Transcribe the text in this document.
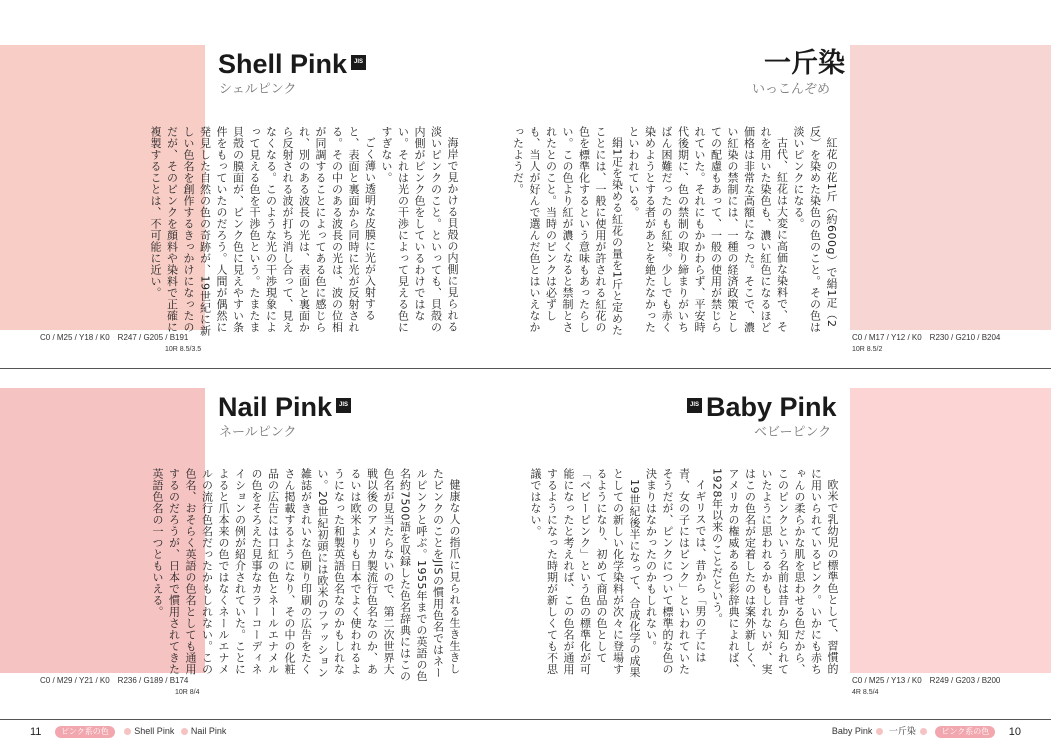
Shell Pink JIS
シェルピンク

海岸で見かける貝殻の内側に見られる淡いピンクのこと。といっても、貝殻の内側がピンク色をしているわけではない。それは光の干渉によって見える色にすぎない。

ごく薄い透明な皮膜に光が入射すると、表面と裏面から同時に光が反射される。その中のある波長の光は、波の位相が同調することによってある色に感じられ、別のある波長の光は、表面と裏面から反射される波が打ち消し合って、見えなくなる。このような光の干渉現象によって見える色を干渉色という。たまたま貝殻の膜面が、ピンク色に見えやすい条件をもっていたのだろう。人間が偶然に発見した自然の色の奇跡が、19世紀に新しい色名を創作するきっかけになったのだが、そのピンクを顔料や染料で正確に複製することは、不可能に近い。

C0 / M25 / Y18 / K0　R247 / G205 / B191
10R 8.5/3.5
一斤染
いっこんぞめ

紅花の花1斤（約600g）で絹1疋（2反）を染めた染色の色のこと。その色は淡いピンクになる。

古代、紅花は大変に高価な染料で、それを用いた染色も、濃い紅色になるほど価格は非常な高額になった。そこで、濃い紅染の禁制には、一種の経済政策としての配慮もあって、一般の使用が禁じられていた。それにもかかわらず、平安時代後期に、色の禁制の取り締まりがいちばん困難だったのも紅染。少しでも赤く染めようとする者があとを絶たなかったといわれている。

絹1疋を染める紅花の量を1斤と定めたことには、一般に使用が許される紅花の色を標準化するという意味もあったらしい。この色より紅が濃くなると禁制とされたとのこと。当時のピンクは必ずしも、当人が好んで選んだ色とはいえなかったようだ。

C0 / M17 / Y12 / K0　R230 / G210 / B204
10R 8.5/2
Nail Pink JIS
ネールピンク

健康な人の指爪に見られる生き生きしたピンクのことをJISの慣用色名ではネールピンクと呼ぶ。1955年までの英語の色名約7500語を収録した色名辞典にはこの色名が見当たらないので、第二次世界大戦以後のアメリカ製流行色名なのか、あるいは欧米よりも日本でよく使われるようになった和製英語色名なのかもしれない。20世紀初頭には欧米のファッション雑誌がきれいな色刷り印刷の広告をたくさん掲載するようになり、その中の化粧品の広告には口紅の色とネールエナメルの色をそろえた見事なカラーコーディネイションの例が紹介されていた。ことによると爪本来の色ではなくネールエナメルの流行色名だったかもしれない。この色名、おそらく英語の色名としても通用するのだろうが、日本で慣用されてきた英語色名の一つともいえる。

C0 / M29 / Y21 / K0　R236 / G189 / B174
10R 8/4
JIS Baby Pink
ベビーピンク

欧米で乳幼児の標準色として、習慣的に用いられているピンク。いかにも赤ちゃんの柔らかな肌を思わせる色だから、このピンクという名前は昔から知られていたように思われるかもしれないが、実はこの色名が定着したのは案外新しく、アメリカの権威ある色彩辞典によれば、1928年以来のことだという。

イギリスでは、昔から「男の子には青、女の子にはピンク」といわれていたそうだが、ピンクについて標準的な色の決まりはなかったのかもしれない。

19世紀後半になって、合成化学の成果としての新しい化学染料が次々に登場するようになり、初めて商品の色として「ベビーピンク」という色の標準化が可能になったと考えれば、この色名が通用するようになった時期が新しくても不思議ではない。

C0 / M25 / Y13 / K0　R249 / G203 / B200
4R 8.5/4
11 ピンク系の色	Shell Pink Nail Pink	Baby Pink 一斤染	ピンク系の色 10
